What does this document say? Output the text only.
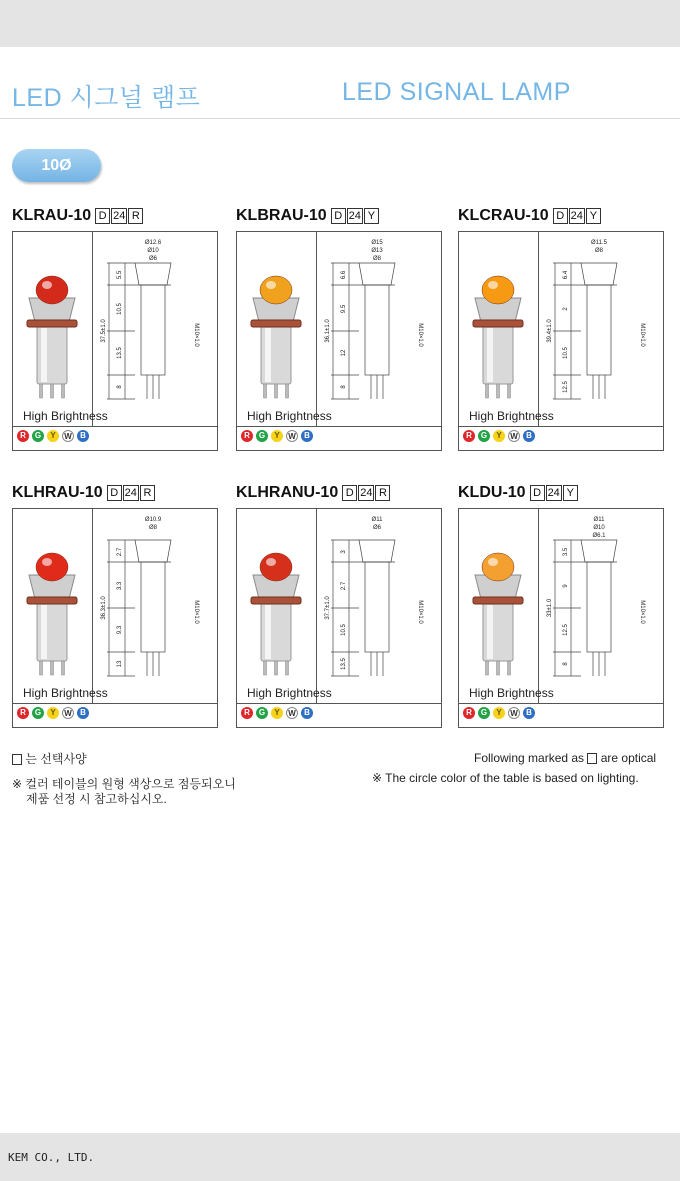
LED 시그널 램프	LED SIGNAL LAMP
10Ø
KLRAU-10 D 24 R
Ø12.6
Ø10
Ø6
5.5
10.5
13.5
8
37.5±1.0	M10×1.0
High Brightness
R	G	Y	W	B
KLBRAU-10 D 24 Y
Ø15
Ø13
Ø8
6.6
9.5
12
8
36.1±1.0	M10×1.0
High Brightness
R	G	Y	W	B
KLCRAU-10 D 24 Y
Ø11.5
Ø8
6.4
2
10.5
12.5
39.4±1.0	M10×1.0
High Brightness
R	G	Y	W	B
KLHRAU-10 D 24 R
Ø10.9
Ø8
2.7
3.3
9.3
13
36.3±1.0	M10×1.0
High Brightness
R	G	Y	W	B
KLHRANU-10 D 24 R
Ø11
Ø6
3
2.7
10.5
13.5
37.7±1.0	M10×1.0
High Brightness
R	G	Y	W	B
KLDU-10 D 24 Y
Ø11
Ø10
Ø6.1
3.5
9
12.5
8
33±1.0	M10×1.0
High Brightness
R	G	Y	W	B
는 선택사양
※ 컬러 테이블의 원형 색상으로 점등되오니
제품 선정 시 참고하십시오.
Following marked as are optical
※ The circle color of the table is based on lighting.
KEM CO., LTD.
